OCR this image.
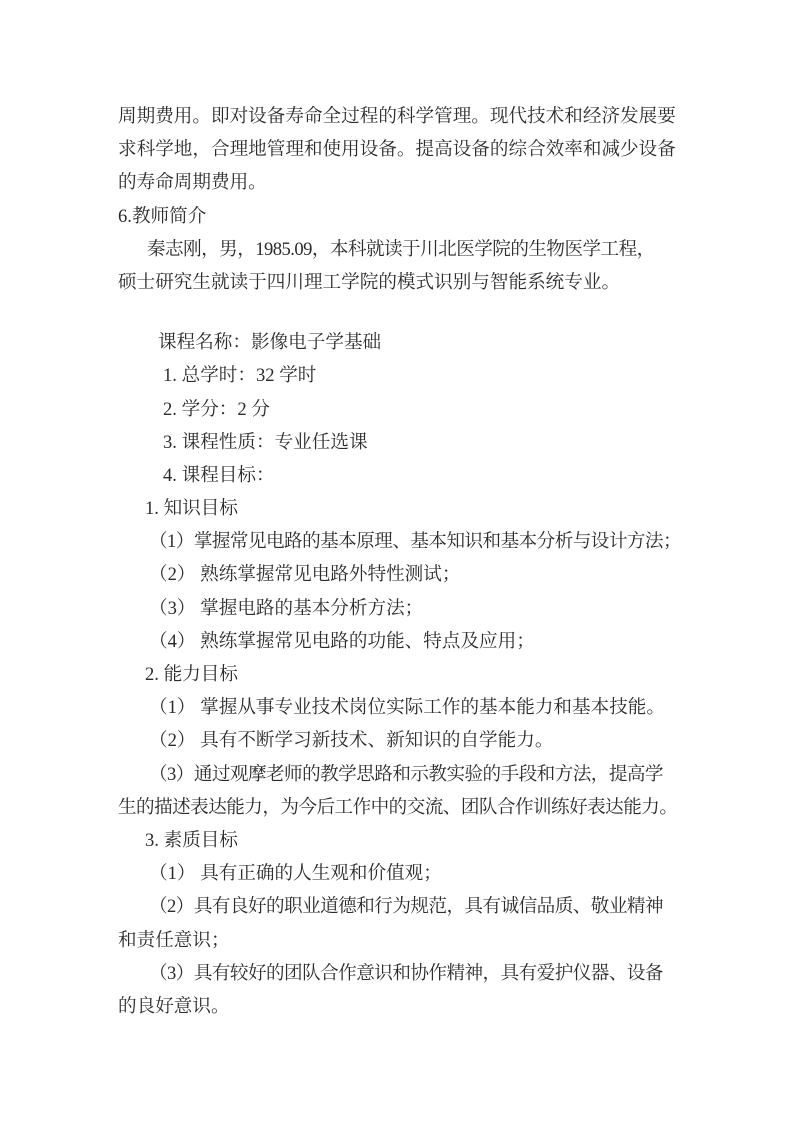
周期费用。即对设备寿命全过程的科学管理。现代技术和经济发展要
求科学地，合理地管理和使用设备。提高设备的综合效率和减少设备
的寿命周期费用。
6.教师简介
秦志刚，男，1985.09，本科就读于川北医学院的生物医学工程，
硕士研究生就读于四川理工学院的模式识别与智能系统专业。
课程名称：影像电子学基础
1. 总学时：32 学时
2. 学分：2 分
3. 课程性质：专业任选课
4. 课程目标：
1. 知识目标
（1）掌握常见电路的基本原理、基本知识和基本分析与设计方法；
（2） 熟练掌握常见电路外特性测试；
（3） 掌握电路的基本分析方法；
（4） 熟练掌握常见电路的功能、特点及应用；
2. 能力目标
（1） 掌握从事专业技术岗位实际工作的基本能力和基本技能。
（2） 具有不断学习新技术、新知识的自学能力。
（3）通过观摩老师的教学思路和示教实验的手段和方法，提高学
生的描述表达能力，为今后工作中的交流、团队合作训练好表达能力。
3. 素质目标
（1） 具有正确的人生观和价值观；
（2）具有良好的职业道德和行为规范，具有诚信品质、敬业精神
和责任意识；
（3）具有较好的团队合作意识和协作精神，具有爱护仪器、设备
的良好意识。
